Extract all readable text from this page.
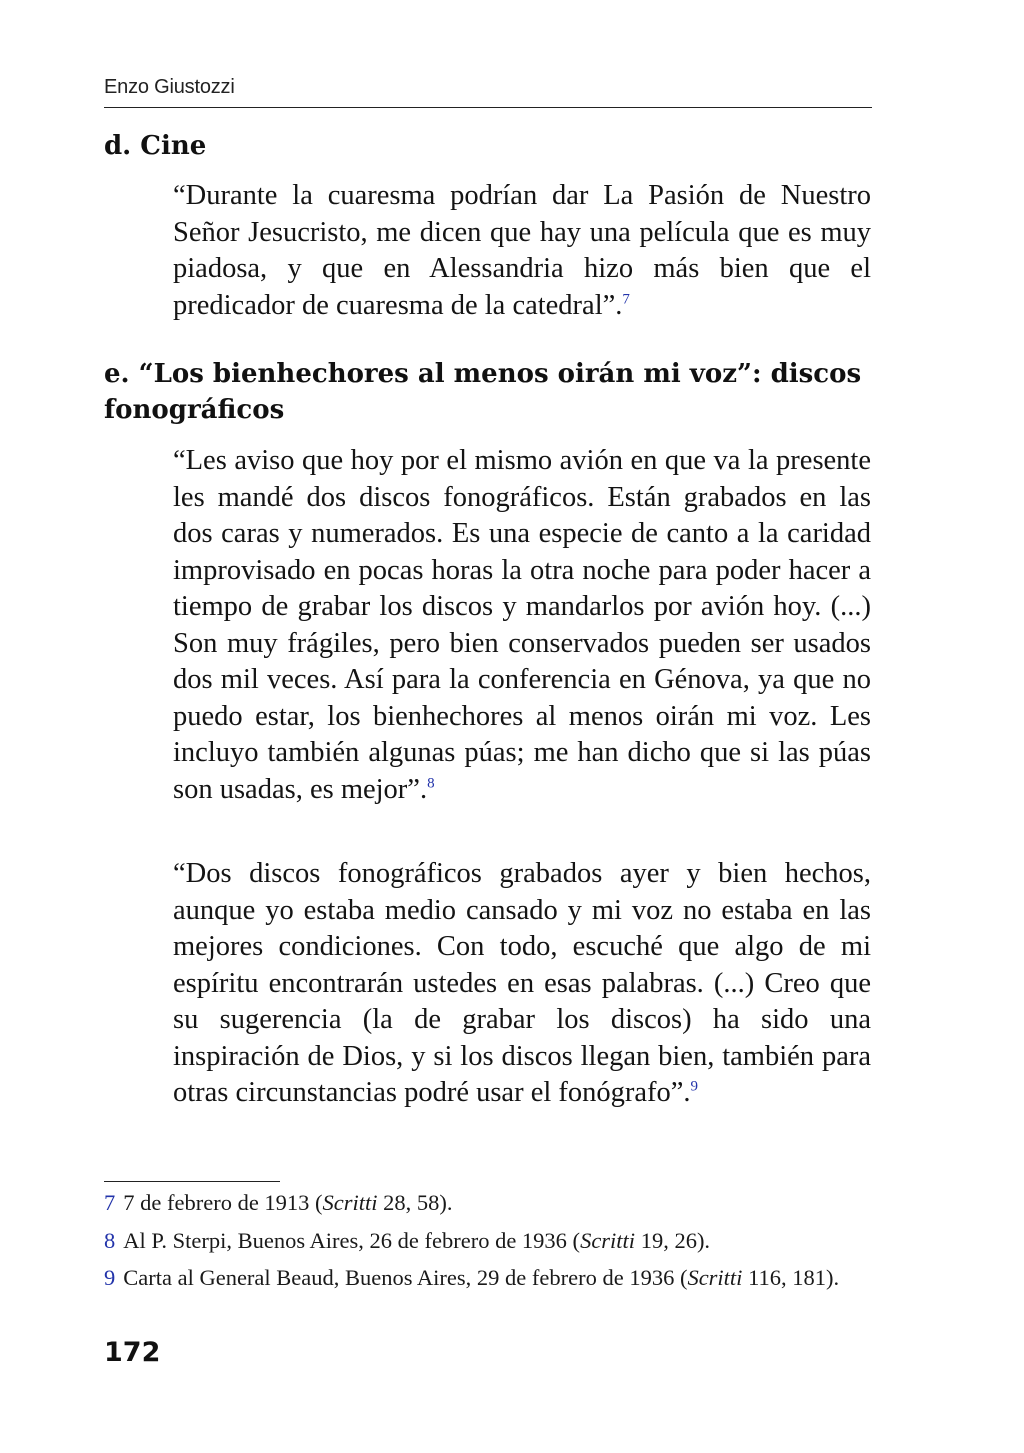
Enzo Giustozzi
d. Cine

“Durante la cuaresma podrían dar La Pasión de Nuestro Señor Jesucristo, me dicen que hay una película que es muy piadosa, y que en Alessandria hizo más bien que el predicador de cuaresma de la catedral”.$^7$

e. “Los bienhechores al menos oirán mi voz”: discos fonográficos

“Les aviso que hoy por el mismo avión en que va la presente les mandé dos discos fonográficos. Están grabados en las dos caras y numerados. Es una especie de canto a la caridad improvisado en pocas horas la otra noche para poder hacer a tiempo de grabar los discos y mandarlos por avión hoy. (...) Son muy frágiles, pero bien conservados pueden ser usados dos mil veces. Así para la conferencia en Génova, ya que no puedo estar, los bienhechores al menos oirán mi voz. Les incluyo también algunas púas; me han dicho que si las púas son usadas, es mejor”.$^8$

“Dos discos fonográficos grabados ayer y bien hechos, aunque yo estaba medio cansado y mi voz no estaba en las mejores condiciones. Con todo, escuché que algo de mi espíritu encontrarán ustedes en esas palabras. (...) Creo que su sugerencia (la de grabar los discos) ha sido una inspiración de Dios, y si los discos llegan bien, también para otras circunstancias podré usar el fonógrafo”.$^9$

7 7 de febrero de 1913 (Scritti 28, 58).

8 Al P. Sterpi, Buenos Aires, 26 de febrero de 1936 (Scritti 19, 26).

9 Carta al General Beaud, Buenos Aires, 29 de febrero de 1936 (Scritti 116, 181).

172
